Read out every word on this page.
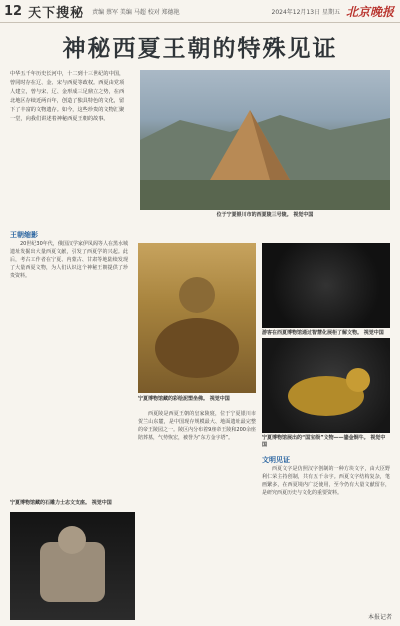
12 天下搜秘 责编 蔡军 美编 马超 校对 郑德艳	2024年12月13日 星期五 北京晚报
神秘西夏王朝的特殊见证
中华五千年历史长河中，十二到十三世纪的中国，曾同时存在辽、金、宋与西夏等政权。西夏由党项人建立，曾与宋、辽、金形成三足鼎立之势，在西北地区存续近两百年，创造了独具特色的文化，留下了丰富的文物遗存。如今，这些珍贵的文物汇聚一堂，向我们讲述着神秘西夏王朝的故事。
位于宁夏银川市的西夏陵三号陵。 视觉中国
王朝缩影

20世纪30年代，俄国汉学家伊凤阁等人在黑水城遗址发掘出大量西夏文献，引发了西夏学的兴起。此后，考古工作者在宁夏、内蒙古、甘肃等地陆续发现了大量西夏文物，为人们认识这个神秘王朝提供了珍贵资料。

宁夏博物馆藏的彩绘泥塑坐佛。 视觉中国
游客在西夏博物馆通过智慧化展柜了解文物。 视觉中国
宁夏博物馆展出的“国宝级”文物——鎏金铜牛。 视觉中国
文明见证

西夏文字是仿照汉字创制的一种方块文字，由大臣野利仁荣主持创制，共有五千余字。西夏文字结构复杂，笔画繁多，在西夏境内广泛使用，至今仍有大量文献留存，是研究西夏历史与文化的重要资料。

西夏陵是西夏王朝的皇家陵寝，位于宁夏银川市贺兰山东麓，是中国现存规模最大、地面遗址最完整的帝王陵园之一。陵区内分布着9座帝王陵和200余座陪葬墓，气势恢宏，被誉为“东方金字塔”。

宁夏博物馆藏的石雕力士志文支座。 视觉中国
本报记者
